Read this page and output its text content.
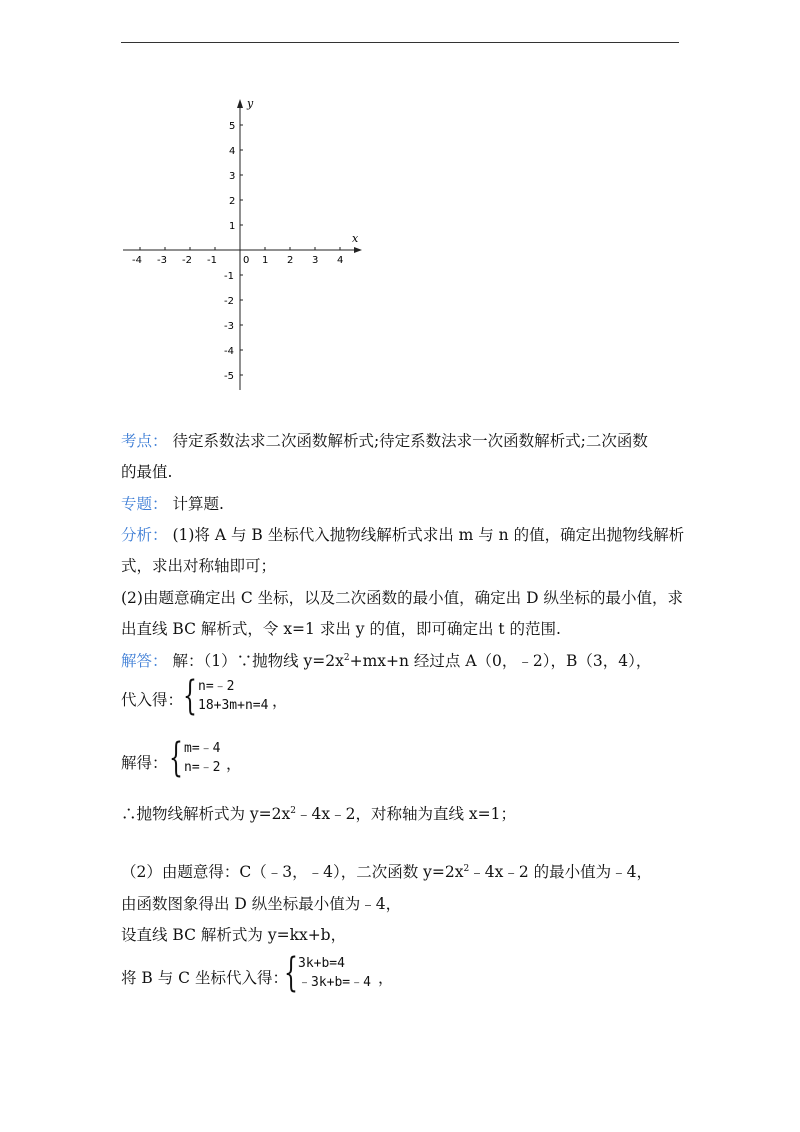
x
y
-4 -3 -2 -1	0 1 2 3 4
5
4
3
2
1
-1
-2
-3
-4
-5
考点： 待定系数法求二次函数解析式;待定系数法求一次函数解析式;二次函数
的最值.
专题： 计算题.
分析： (1)将 A 与 B 坐标代入抛物线解析式求出 m 与 n 的值，确定出抛物线解析
式，求出对称轴即可；
(2)由题意确定出 C 坐标，以及二次函数的最小值，确定出 D 纵坐标的最小值，求
出直线 BC 解析式，令 x=1 求出 y 的值，即可确定出 t 的范围.
解答： 解：（1）∵抛物线 $y=2x^2+mx+n$ 经过点 A（0，﹣2），B（3，4），
代入得： { n=﹣2
18+3m+n=4 ，
解得： { m=﹣4
n=﹣2 ，
∴抛物线解析式为 $y=2x^2﹣4x﹣2$，对称轴为直线 x=1；
（2）由题意得：C（﹣3，﹣4），二次函数 $y=2x^2﹣4x﹣2$ 的最小值为﹣4，
由函数图象得出 D 纵坐标最小值为﹣4，
设直线 BC 解析式为 y=kx+b，
将 B 与 C 坐标代入得：
{ 3k+b=4
﹣3k+b=﹣4 ，
